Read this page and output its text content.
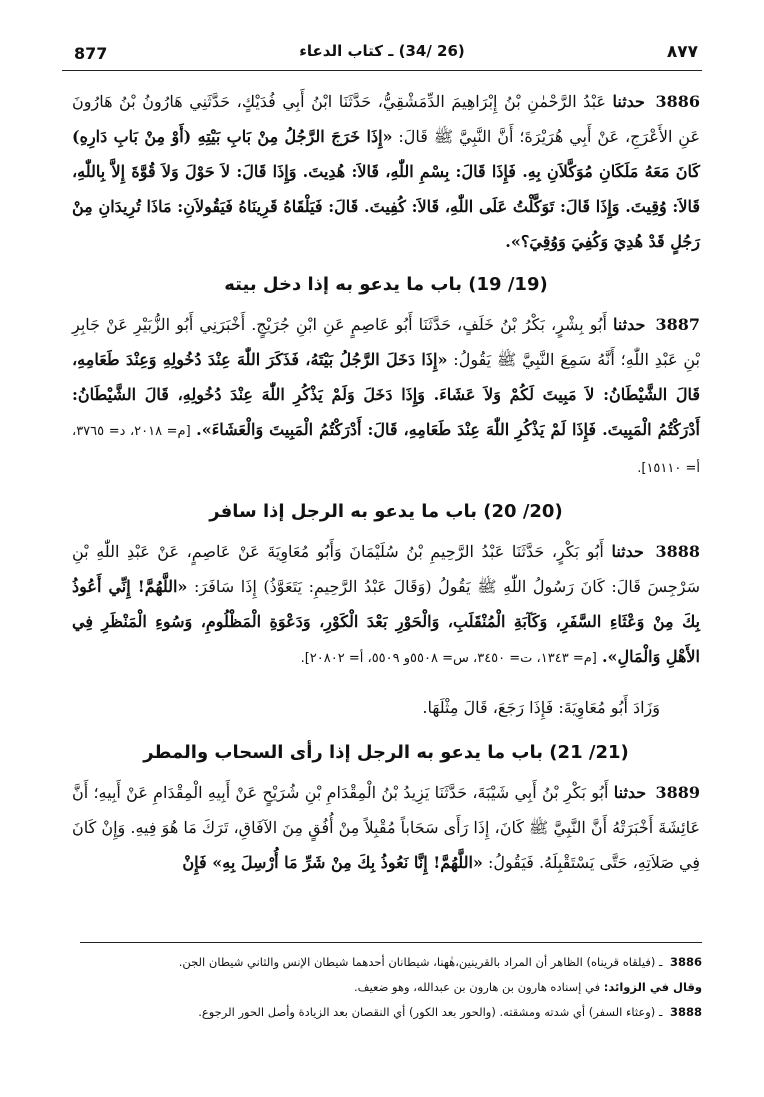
877	(26 /34) ـ كتاب الدعاء	٨٧٧

3886 حدثنا عَبْدُ الرَّحْمٰنِ بْنُ إِبْرَاهِيمَ الدِّمَشْقِيُّ، حَدَّثَنَا ابْنُ أَبِي فُدَيْكٍ، حَدَّثَنِي هَارُونُ بْنُ هَارُونَ عَنِ الأَعْرَجِ، عَنْ أَبِي هُرَيْرَةَ؛ أَنَّ النَّبِيَّ ﷺ قَالَ: «إِذَا خَرَجَ الرَّجُلُ مِنْ بَابِ بَيْتِهِ (أَوْ مِنْ بَابِ دَارِهِ) كَانَ مَعَهُ مَلَكَانِ مُوَكَّلاَنِ بِهِ. فَإِذَا قَالَ: بِسْمِ اللّٰهِ، قَالاَ: هُدِيتَ. وَإِذَا قَالَ: لاَ حَوْلَ وَلاَ قُوَّةَ إِلاَّ بِاللّٰهِ، قَالاَ: وُقِيتَ. وَإِذَا قَالَ: تَوَكَّلْتُ عَلَى اللّٰهِ، قَالاَ: كُفِيتَ. قَالَ: فَيَلْقَاهُ قَرِينَاهُ فَيَقُولاَنِ: مَاذَا تُرِيدَانِ مِنْ رَجُلٍ قَدْ هُدِيَ وَكُفِيَ وَوُقِيَ؟».

(19/ 19) باب ما يدعو به إذا دخل بيته

3887 حدثنا أَبُو بِشْرٍ، بَكْرُ بْنُ خَلَفٍ، حَدَّثَنَا أَبُو عَاصِمٍ عَنِ ابْنِ جُرَيْجٍ. أَخْبَرَنِي أَبُو الزُّبَيْرِ عَنْ جَابِرِ بْنِ عَبْدِ اللّٰهِ؛ أَنَّهُ سَمِعَ النَّبِيَّ ﷺ يَقُولُ: «إِذَا دَخَلَ الرَّجُلُ بَيْتَهُ، فَذَكَرَ اللّٰهَ عِنْدَ دُخُولِهِ وَعِنْدَ طَعَامِهِ، قَالَ الشَّيْطَانُ: لاَ مَبِيتَ لَكُمْ وَلاَ عَشَاءَ. وَإِذَا دَخَلَ وَلَمْ يَذْكُرِ اللّٰهَ عِنْدَ دُخُولِهِ، قَالَ الشَّيْطَانُ: أَدْرَكْتُمُ الْمَبِيتَ. فَإِذَا لَمْ يَذْكُرِ اللّٰهَ عِنْدَ طَعَامِهِ، قَالَ: أَدْرَكْتُمُ الْمَبِيتَ وَالْعَشَاءَ». [م= ٢٠١٨، د= ٣٧٦٥، أ= ١٥١١٠].

(20/ 20) باب ما يدعو به الرجل إذا سافر

3888 حدثنا أَبُو بَكْرٍ، حَدَّثَنَا عَبْدُ الرَّحِيمِ بْنُ سُلَيْمَانَ وَأَبُو مُعَاوِيَةَ عَنْ عَاصِمٍ، عَنْ عَبْدِ اللّٰهِ بْنِ سَرْجِسَ قَالَ: كَانَ رَسُولُ اللّٰهِ ﷺ يَقُولُ (وَقَالَ عَبْدُ الرَّحِيمِ: يَتَعَوَّذُ) إِذَا سَافَرَ: «اللَّهُمَّ! إِنِّي أَعُوذُ بِكَ مِنْ وَعْثَاءِ السَّفَرِ، وَكَآبَةِ الْمُنْقَلَبِ، وَالْحَوْرِ بَعْدَ الْكَوْرِ، وَدَعْوَةِ الْمَظْلُومِ، وَسُوءِ الْمَنْظَرِ فِي الأَهْلِ وَالْمَالِ». [م= ١٣٤٣، ت= ٣٤٥٠، س= ٥٥٠٨و ٥٥٠٩، أ= ٢٠٨٠٢].

وَزَادَ أَبُو مُعَاوِيَةَ: فَإِذَا رَجَعَ، قَالَ مِثْلَهَا.

(21/ 21) باب ما يدعو به الرجل إذا رأى السحاب والمطر

3889 حدثنا أَبُو بَكْرِ بْنُ أَبِي شَيْبَةَ، حَدَّثَنَا يَزِيدُ بْنُ الْمِقْدَامِ بْنِ شُرَيْحٍ عَنْ أَبِيهِ الْمِقْدَامِ عَنْ أَبِيهِ؛ أَنَّ عَائِشَةَ أَخْبَرَتْهُ أَنَّ النَّبِيَّ ﷺ كَانَ، إِذَا رَأَى سَحَاباً مُقْبِلاً مِنْ أُفُقٍ مِنَ الآفَاقِ، تَرَكَ مَا هُوَ فِيهِ. وَإِنْ كَانَ فِي صَلاَتِهِ، حَتَّى يَسْتَقْبِلَهُ. فَيَقُولُ: «اللَّهُمَّ! إِنَّا نَعُوذُ بِكَ مِنْ شَرِّ مَا أُرْسِلَ بِهِ» فَإِنْ

3886 ـ (فيلقاه قريناه) الظاهر أن المراد بالقرينين،هٰهنا، شيطانان أحدهما شيطان الإنس والثاني شيطان الجن.

وقال في الزوائد: في إسناده هارون بن هارون بن عبدالله، وهو ضعيف.

3888 ـ (وعثاء السفر) أي شدته ومشقته. (والحور بعد الكور) أي النقصان بعد الزيادة وأصل الحور الرجوع.
